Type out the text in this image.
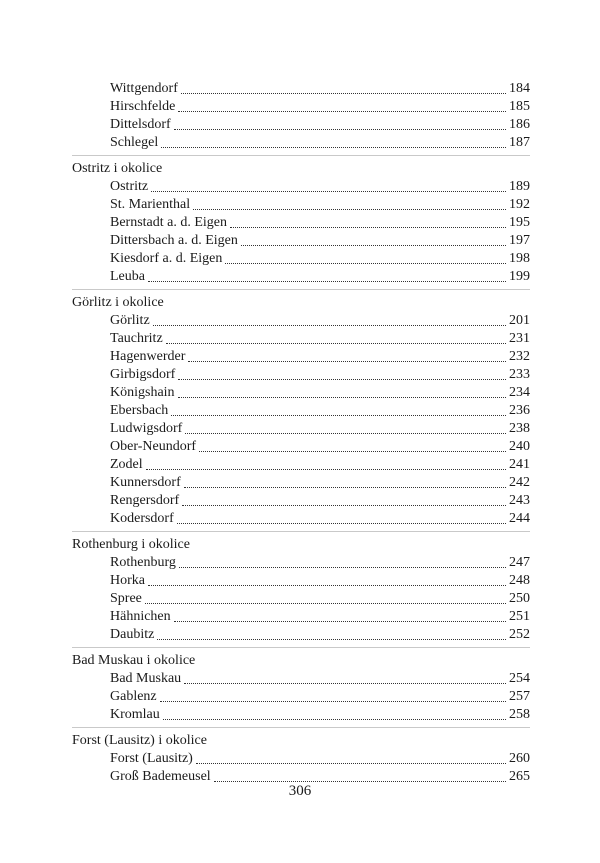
Wittgendorf	184
Hirschfelde	185
Dittelsdorf	186
Schlegel	187
Ostritz i okolice
Ostritz	189
St. Marienthal	192
Bernstadt a. d. Eigen	195
Dittersbach a. d. Eigen	197
Kiesdorf a. d. Eigen	198
Leuba	199
Görlitz i okolice
Görlitz	201
Tauchritz	231
Hagenwerder	232
Girbigsdorf	233
Königshain	234
Ebersbach	236
Ludwigsdorf	238
Ober-Neundorf	240
Zodel	241
Kunnersdorf	242
Rengersdorf	243
Kodersdorf	244
Rothenburg i okolice
Rothenburg	247
Horka	248
Spree	250
Hähnichen	251
Daubitz	252
Bad Muskau i okolice
Bad Muskau	254
Gablenz	257
Kromlau	258
Forst (Lausitz) i okolice
Forst (Lausitz)	260
Groß Bademeusel	265
306
